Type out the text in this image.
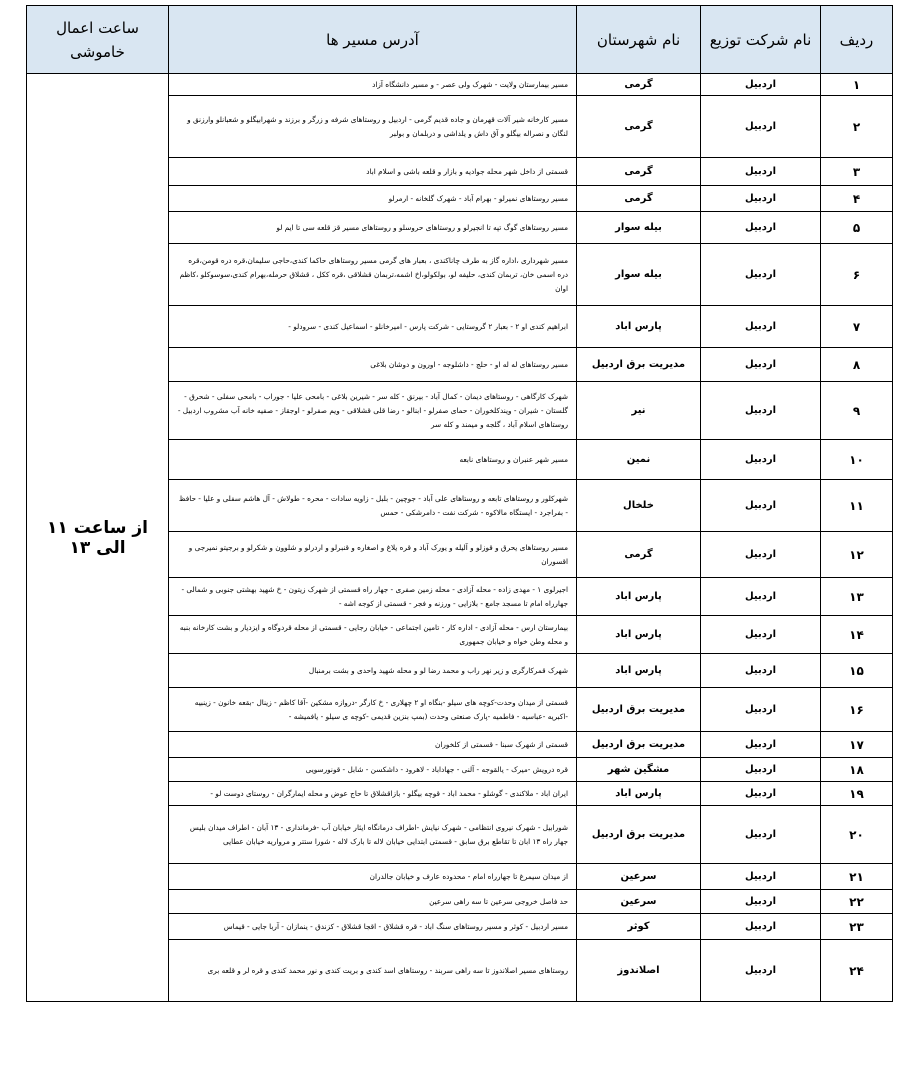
ردیف	نام شرکت توزیع	نام شهرستان	آدرس مسیر ها	ساعت اعمال خاموشی
۱	اردبیل	گرمی	مسیر بیمارستان ولایت - شهرک ولی عصر - و مسیر دانشگاه آزاد	از ساعت ۱۱ الی ۱۳
۲	اردبیل	گرمی	مسیر کارخانه شیر آلات قهرمان و جاده قدیم گرمی - اردبیل و روستاهای شرفه و زرگر و برزند و شهرابیگلو و شعبانلو وارزنق و لنگان و نصراله بیگلو و آق داش و یلداشی و دربلمان و بولبر	
۳	اردبیل	گرمی	قسمتی از داخل شهر محله جوادیه و بازار و قلعه باشی و اسلام اباد	
۴	اردبیل	گرمی	مسیر روستاهای نمیرلو - بهرام آباد - شهرک گلخانه - ارمرلو	
۵	اردبیل	بیله سوار	مسیر روستاهای گوگ تپه تا انجیرلو و روستاهای حروسلو و روستاهای مسیر قز قلعه سی تا ایم لو	
۶	اردبیل	بیله سوار	مسیر شهرداری ،اداره گاز به طرف چاناکندی ، بعبار های گرمی مسیر روستاهای حاکما کندی،حاجی سلیمان،قره دره قومن،قره دره اسمی خان، تربمان کندی، حلیفه لو، بولکولو،اخ اشمه،تربمان قشلاقی ،قره ککل ، قشلاق حرمله،بهرام کندی،سوسوکلو ،کاظم اوان	
۷	اردبیل	پارس اباد	ابراهیم کندی او ۲ - بعبار ۲ گروستایی - شرکت پارس - امیرخانلو - اسماعیل کندی - سرودلو -	
۸	اردبیل	مدیریت برق اردبیل	مسیر روستاهای له له او - حلج - داشلوجه - اورون و دوشان بلاغی	
۹	اردبیل	نیر	شهرک کارگاهی - روستاهای دیمان - کمال آباد - بیرنق - کله سر - شیرین بلاغی - بامحی علیا - جوراب - بامحی سفلی - شحرق - گلستان - شیران - ویندکلخوران - حمای صفرلو - ابنالو - رضا قلی قشلاقی - ویم صفرلو - اوجقاز - صفیه خانه آب مشروب اردبیل - روستاهای اسلام آباد ، گلجه و میمند و کله سر	
۱۰	اردبیل	نمین	مسیر شهر عنبران و روستاهای نابعه	
۱۱	اردبیل	خلخال	شهرکلور و روستاهای تابعه و روستاهای علی آباد - جوچین - بلبل - زاویه سادات - محره - طولاش - آل هاشم سفلی و علیا - حافظ - بفراجرد - ایستگاه مالاکوه - شرکت نفت - دامرشکی - حمس	
۱۲	اردبیل	گرمی	مسیر روستاهای یحرق و قوزلو و آلیله و یورک آباد و قره یلاغ و اصغاره و قنبرلو و اردرلو و شلوون و شکرلو و برجیتو نمیرجی و اقسوران	
۱۳	اردبیل	پارس اباد	اجیرلوی ۱ - مهدی زاده - محله آزادی - محله زمین صفری - جهار راه قسمتی از شهرک زیتون - خ شهید بهشتی جنوبی و شمالی - جهارراه امام تا مسجد جامع - بلازایی - ورزنه و فجر - قسمتی از کوجه اشه -	
۱۴	اردبیل	پارس اباد	بیمارستان ارس - محله آزادی - اداره کار - تامین اجتماعی - خیابان رجایی - قسمتی از محله قردوگاه و ایزدیار و بشت کارخانه بنبه و محله وطن خواه و خیابان جمهوری	
۱۵	اردبیل	پارس اباد	شهرک قمرکارگری و زیر نهر راب و محمد رضا لو و محله شهید واحدی و بشت برمنبال	
۱۶	اردبیل	مدیریت برق اردبیل	قسمتی از میدان وحدت-کوچه های سیلو -بنگاه او ۲ چهلاری - خ کارگر -دروازه مشکین -آقا کاظم - زینال -بقعه خانون - زینبیه -اکبریه -عباسیه - فاطمیه -پارک صنعتی وحدت (بمپ بنزین قدیمی -کوچه ی سیلو - یافمیشه -	
۱۷	اردبیل	مدیریت برق اردبیل	قسمتی از شهرک سبنا - قسمتی از کلخوران	
۱۸	اردبیل	مشگین شهر	قره درویش -میرک - یالقوجه - آلنی - جهاداباد - لاهرود - داشکسن - شابل - قونورسویی	
۱۹	اردبیل	پارس اباد	ایران اباد - ملاکندی - گوشلو - محمد اباد - قوچه بیگلو - بازاقشلاق تا حاج عوض و محله ایمارگران - روستای دوست لو -	
۲۰	اردبیل	مدیریت برق اردبیل	شورابیل - شهرک نیروی انتظامی - شهرک نیایش -اطراف درمانگاه ایثار خیابان آب -فرمانداری - ۱۳ آبان - اطراف میدان بلیس جهار راه ۱۳ ابان تا تقاطع برق سابق - قسمتی ابتدایی خیابان لاله تا بارک لاله - شورا ستتر و مرواریه خیابان عطایی	
۲۱	اردبیل	سرعین	از میدان سیمرغ تا جهارراه امام - محدوده عارف و خیابان جالدران	
۲۲	اردبیل	سرعین	حد فاصل خروجی سرعین تا سه راهی سرعین	
۲۳	اردبیل	کوثر	مسیر اردبیل - کوثر و مسیر روستاهای سنگ اباد - قره قشلاق - اقجا قشلاق - کزندق - ینمازان - آربا جایی - قیماس	
۲۴	اردبیل	اصلاندوز	روستاهای مسیر اصلاندوز تا سه راهی سربند - روستاهای اسد کندی و بریت کندی و نور محمد کندی و قره لر و قلعه بری	
